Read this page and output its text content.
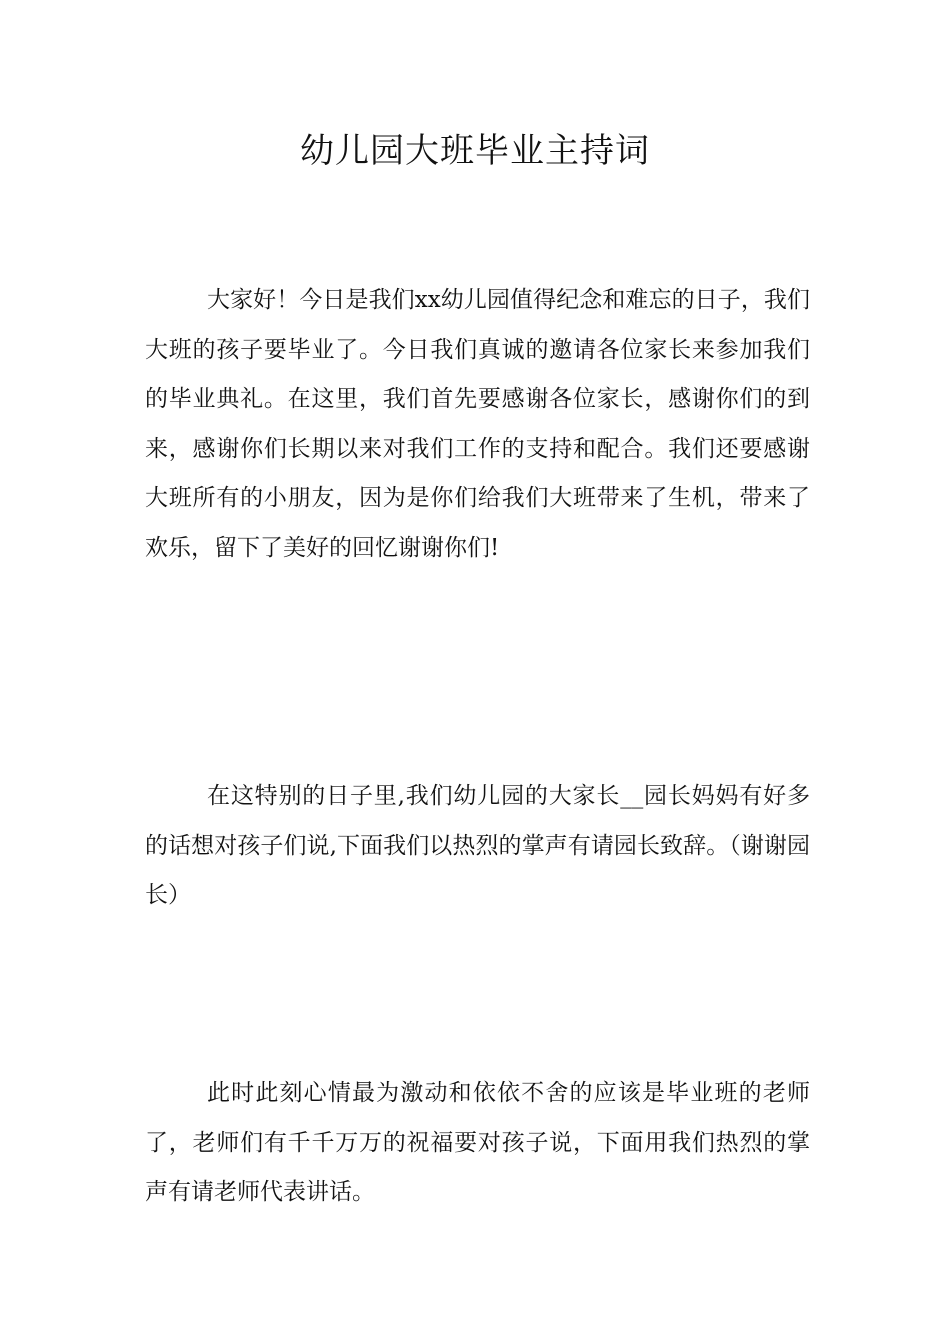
幼儿园大班毕业主持词

大家好！今日是我们xx幼儿园值得纪念和难忘的日子，我们大班的孩子要毕业了。今日我们真诚的邀请各位家长来参加我们的毕业典礼。在这里，我们首先要感谢各位家长，感谢你们的到来，感谢你们长期以来对我们工作的支持和配合。我们还要感谢大班所有的小朋友，因为是你们给我们大班带来了生机，带来了欢乐，留下了美好的回忆谢谢你们!

在这特别的日子里,我们幼儿园的大家长__园长妈妈有好多的话想对孩子们说,下面我们以热烈的掌声有请园长致辞。（谢谢园长）

此时此刻心情最为激动和依依不舍的应该是毕业班的老师了，老师们有千千万万的祝福要对孩子说，下面用我们热烈的掌声有请老师代表讲话。
